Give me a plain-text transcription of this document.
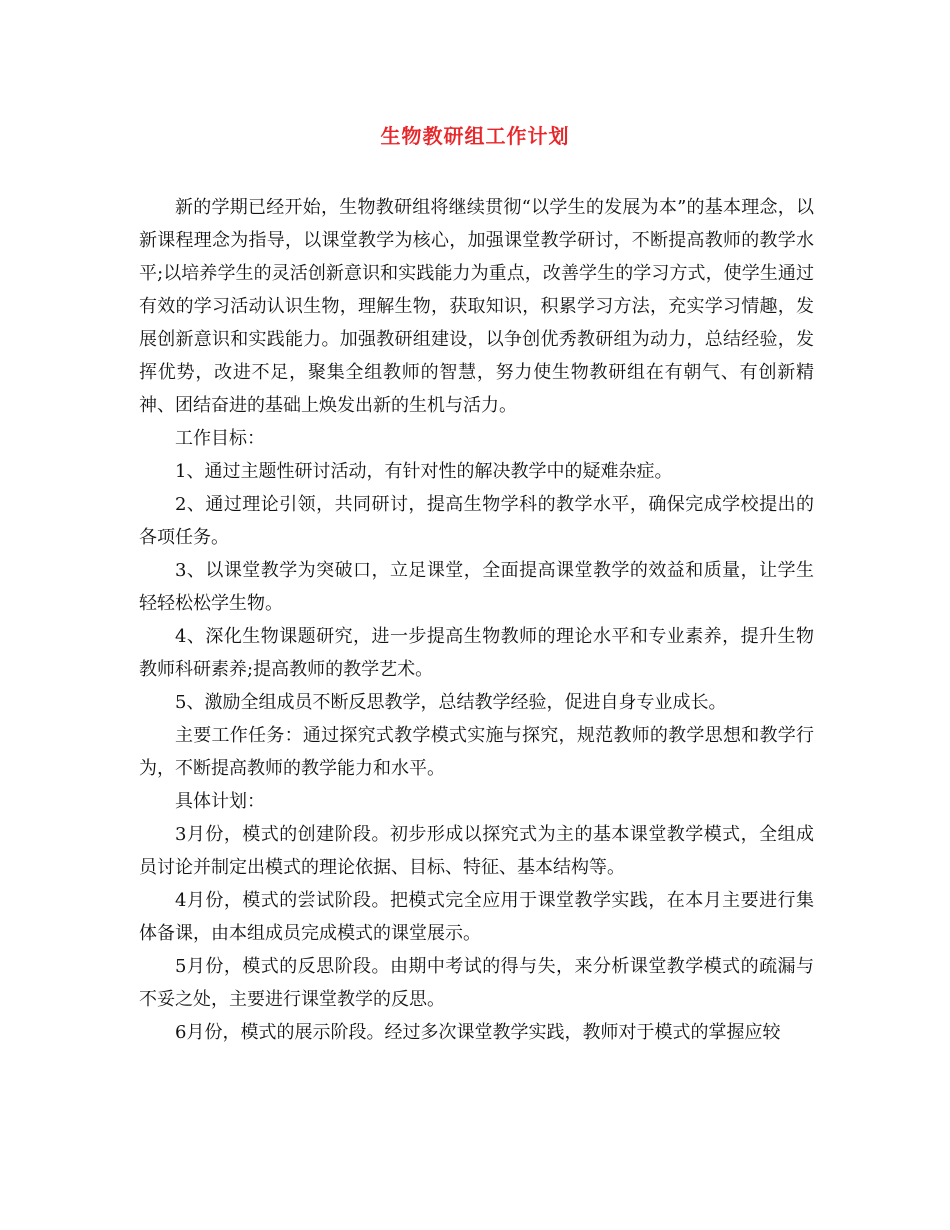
生物教研组工作计划

新的学期已经开始，生物教研组将继续贯彻“以学生的发展为本”的基本理念，以新课程理念为指导，以课堂教学为核心，加强课堂教学研讨，不断提高教师的教学水平;以培养学生的灵活创新意识和实践能力为重点，改善学生的学习方式，使学生通过有效的学习活动认识生物，理解生物，获取知识，积累学习方法，充实学习情趣，发展创新意识和实践能力。加强教研组建设，以争创优秀教研组为动力，总结经验，发挥优势，改进不足，聚集全组教师的智慧，努力使生物教研组在有朝气、有创新精神、团结奋进的基础上焕发出新的生机与活力。

工作目标：

1、通过主题性研讨活动，有针对性的解决教学中的疑难杂症。

2、通过理论引领，共同研讨，提高生物学科的教学水平，确保完成学校提出的各项任务。

3、以课堂教学为突破口，立足课堂，全面提高课堂教学的效益和质量，让学生轻轻松松学生物。

4、深化生物课题研究，进一步提高生物教师的理论水平和专业素养，提升生物教师科研素养;提高教师的教学艺术。

5、激励全组成员不断反思教学，总结教学经验，促进自身专业成长。

主要工作任务：通过探究式教学模式实施与探究，规范教师的教学思想和教学行为，不断提高教师的教学能力和水平。

具体计划：

3月份，模式的创建阶段。初步形成以探究式为主的基本课堂教学模式，全组成员讨论并制定出模式的理论依据、目标、特征、基本结构等。

4月份，模式的尝试阶段。把模式完全应用于课堂教学实践，在本月主要进行集体备课，由本组成员完成模式的课堂展示。

5月份，模式的反思阶段。由期中考试的得与失，来分析课堂教学模式的疏漏与不妥之处，主要进行课堂教学的反思。

6月份，模式的展示阶段。经过多次课堂教学实践，教师对于模式的掌握应较
